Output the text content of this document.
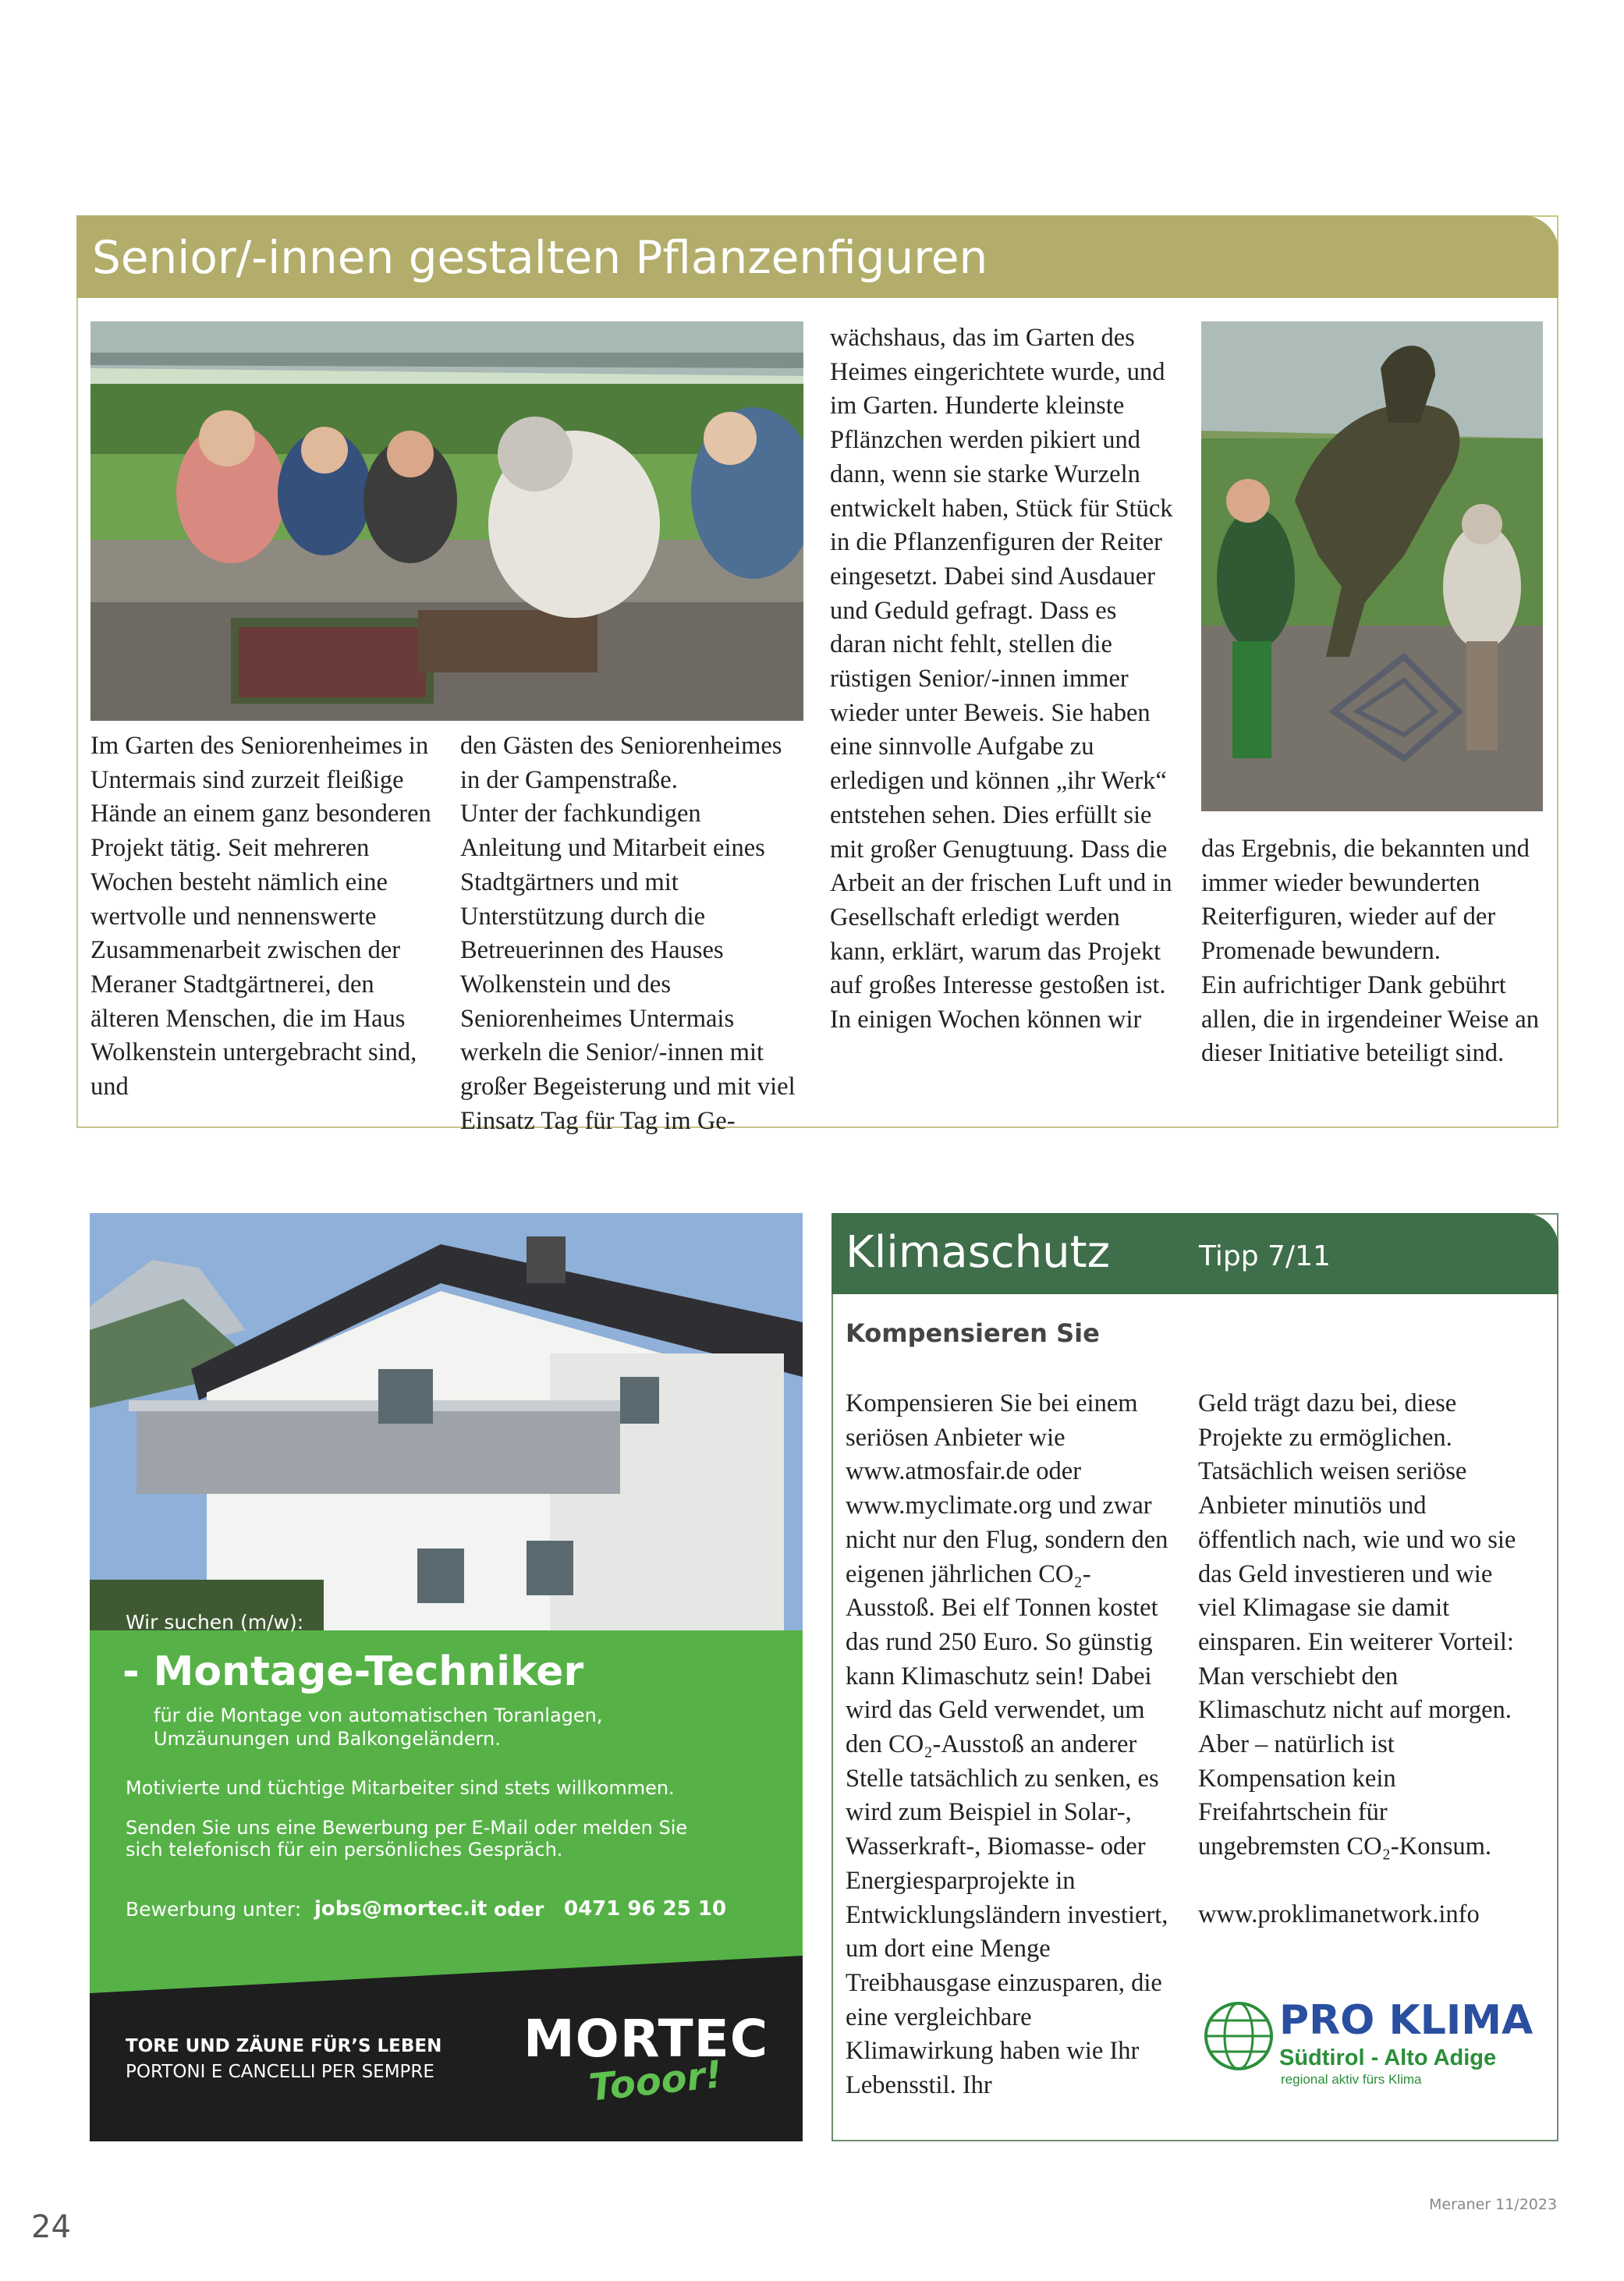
Senior/-innen gestalten Pflanzenfiguren

Im Garten des Seniorenheimes in Untermais sind zurzeit fleißige Hände an einem ganz besonderen Projekt tätig. Seit mehreren Wochen besteht nämlich eine wertvolle und nennenswerte Zusammenarbeit zwischen der Meraner Stadtgärtnerei, den älteren Menschen, die im Haus Wolkenstein untergebracht sind, und

den Gästen des Seniorenheimes in der Gampenstraße.

Unter der fachkundigen Anleitung und Mitarbeit eines Stadtgärtners und mit Unterstützung durch die Betreuerinnen des Hauses Wolkenstein und des Seniorenheimes Untermais werkeln die Senior/-innen mit großer Begeisterung und mit viel Einsatz Tag für Tag im Ge-

wächshaus, das im Garten des Heimes eingerichtete wurde, und im Garten. Hunderte kleinste Pflänzchen werden pikiert und dann, wenn sie starke Wurzeln entwickelt haben, Stück für Stück in die Pflanzenfiguren der Reiter eingesetzt. Dabei sind Ausdauer und Geduld gefragt. Dass es daran nicht fehlt, stellen die rüstigen Senior/-innen immer wieder unter Beweis. Sie haben eine sinnvolle Aufgabe zu erledigen und können „ihr Werk“ entstehen sehen. Dies erfüllt sie mit großer Genugtuung. Dass die Arbeit an der frischen Luft und in Gesellschaft erledigt werden kann, erklärt, warum das Projekt auf großes Interesse gestoßen ist.

In einigen Wochen können wir

das Ergebnis, die bekannten und immer wieder bewunderten Reiterfiguren, wieder auf der Promenade bewundern.

Ein aufrichtiger Dank gebührt allen, die in irgendeiner Weise an dieser Initiative beteiligt sind.

Wir suchen (m/w):
- Montage-Techniker
für die Montage von automatischen Toranlagen,
Umzäunungen und Balkongeländern.
Motivierte und tüchtige Mitarbeiter sind stets willkommen.
Senden Sie uns eine Bewerbung per E-Mail oder melden Sie
sich telefonisch für ein persönliches Gespräch.
Bewerbung unter: jobs@mortec.it oder 0471 96 25 10
TORE UND ZÄUNE FÜR’S LEBEN
PORTONI E CANCELLI PER SEMPRE
MORTEC
Tooor!
Klimaschutz	Tipp 7/11
Kompensieren Sie

Kompensieren Sie bei einem seriösen Anbieter wie www.atmosfair.de oder www.myclimate.org und zwar nicht nur den Flug, sondern den eigenen jährlichen CO₂-Ausstoß. Bei elf Tonnen kostet das rund 250 Euro. So günstig kann Klimaschutz sein! Dabei wird das Geld verwendet, um den CO₂-Ausstoß an anderer Stelle tatsächlich zu senken, es wird zum Beispiel in Solar-, Wasserkraft-, Biomasse- oder Energiesparprojekte in Entwicklungsländern investiert, um dort eine Menge Treibhausgase einzusparen, die eine vergleichbare Klimawirkung haben wie Ihr Lebensstil. Ihr

Geld trägt dazu bei, diese Projekte zu ermöglichen. Tatsächlich weisen seriöse Anbieter minutiös und öffentlich nach, wie und wo sie das Geld investieren und wie viel Klimagase sie damit einsparen. Ein weiterer Vorteil: Man verschiebt den Klimaschutz nicht auf morgen.

Aber – natürlich ist Kompensation kein Freifahrtschein für ungebremsten CO₂-Konsum.

www.proklimanetwork.info

PRO KLIMA
Südtirol - Alto Adige
regional aktiv fürs Klima
24
Meraner 11/2023
